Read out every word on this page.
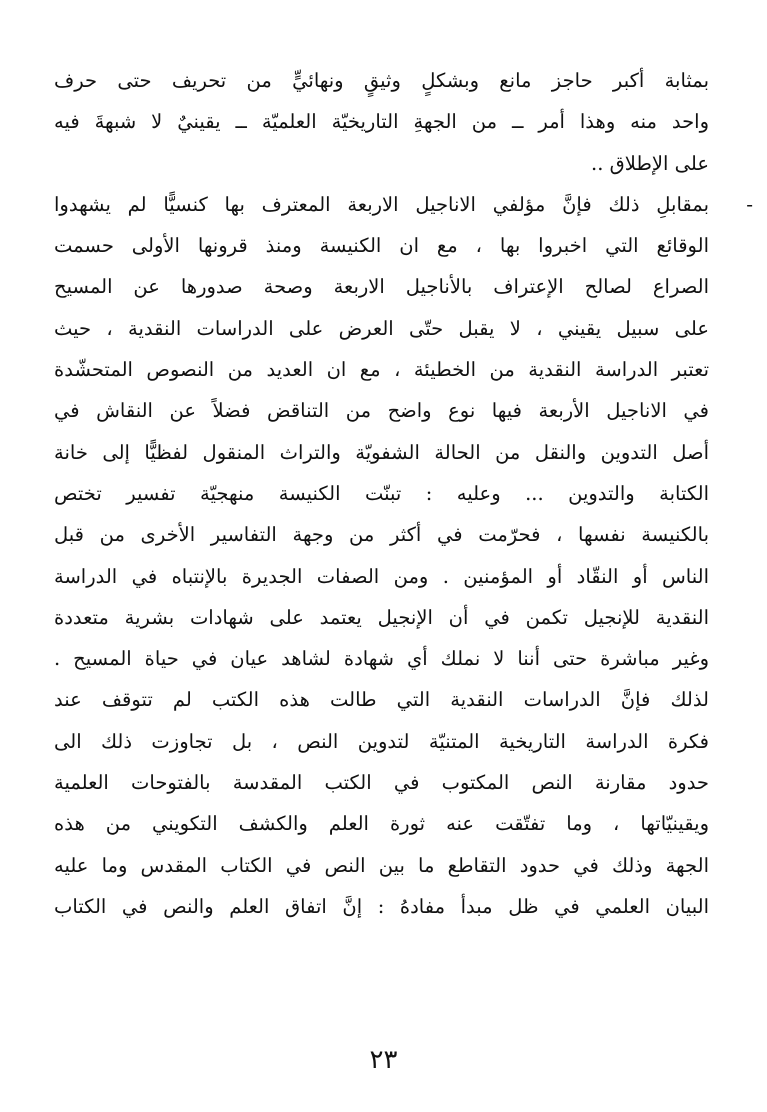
بمثابة أكبر حاجز مانع وبشكلٍ وثيقٍ ونهائيٍّ من تحريف حتى حرف
واحد منه وهذا أمر ــ من الجهةِ التاريخيّة العلميّة ــ يقينيٌ لا شبهةَ فيه
على الإطلاق ..
-
بمقابلِ ذلك فإنَّ مؤلفي الاناجيل الاربعة المعترف بها كنسيًّا لم يشهدوا
الوقائع التي اخبروا بها ، مع ان الكنيسة ومنذ قرونها الأولى حسمت
الصراع لصالح الإعتراف بالأناجيل الاربعة وصحة صدورها عن المسيح
على سبيل يقيني ، لا يقبل حتّى العرض على الدراسات النقدية ، حيث
تعتبر الدراسة النقدية من الخطيئة ، مع ان العديد من النصوص المتحشّدة
في الاناجيل الأربعة فيها نوع واضح من التناقض فضلاً عن النقاش في
أصل التدوين والنقل من الحالة الشفويّة والتراث المنقول لفظيًّا إلى خانة
الكتابة والتدوين ... وعليه : تبنّت الكنيسة منهجيّة تفسير تختص
بالكنيسة نفسها ، فحرّمت في أكثر من وجهة التفاسير الأخرى من قبل
الناس أو النقّاد أو المؤمنين . ومن الصفات الجديرة بالإنتباه في الدراسة
النقدية للإنجيل تكمن في أن الإنجيل يعتمد على شهادات بشرية متعددة
وغير مباشرة حتى أننا لا نملك أي شهادة لشاهد عيان في حياة المسيح .
لذلك فإنَّ الدراسات النقدية التي طالت هذه الكتب لم تتوقف عند
فكرة الدراسة التاريخية المتنيّة لتدوين النص ، بل تجاوزت ذلك الى
حدود مقارنة النص المكتوب في الكتب المقدسة بالفتوحات العلمية
ويقينيّاتها ، وما تفتّقت عنه ثورة العلم والكشف التكويني من هذه
الجهة وذلك في حدود التقاطع ما بين النص في الكتاب المقدس وما عليه
البيان العلمي في ظل مبدأ مفادهُ : إنَّ اتفاق العلم والنص في الكتاب
٢٣
